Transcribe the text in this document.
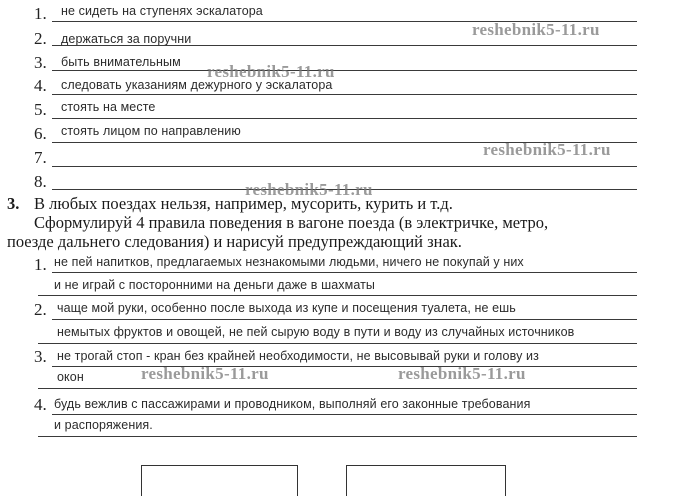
1. не сидеть на ступенях эскалатора
2. держаться за поручни
3. быть внимательным
4. следовать указаниям дежурного у эскалатора
5. стоять на месте
6. стоять лицом по направлению
7.
8.
3. В любых поездах нельзя, например, мусорить, курить и т.д.
Сформулируй 4 правила поведения в вагоне поезда (в электричке, метро,
поезде дальнего следования) и нарисуй предупреждающий знак.
1. не пей напитков, предлагаемых незнакомыми людьми, ничего не покупай у них
и не играй с посторонними на деньги даже в шахматы
2. чаще мой руки, особенно после выхода из купе и посещения туалета, не ешь
немытых фруктов и овощей, не пей сырую воду в пути и воду из случайных источников
3. не трогай стоп - кран без крайней необходимости, не высовывай руки и голову из
окон
4. будь вежлив с пассажирами и проводником, выполняй его законные требования
и распоряжения.
reshebnik5-11.ru
reshebnik5-11.ru
reshebnik5-11.ru
reshebnik5-11.ru
reshebnik5-11.ru	reshebnik5-11.ru
